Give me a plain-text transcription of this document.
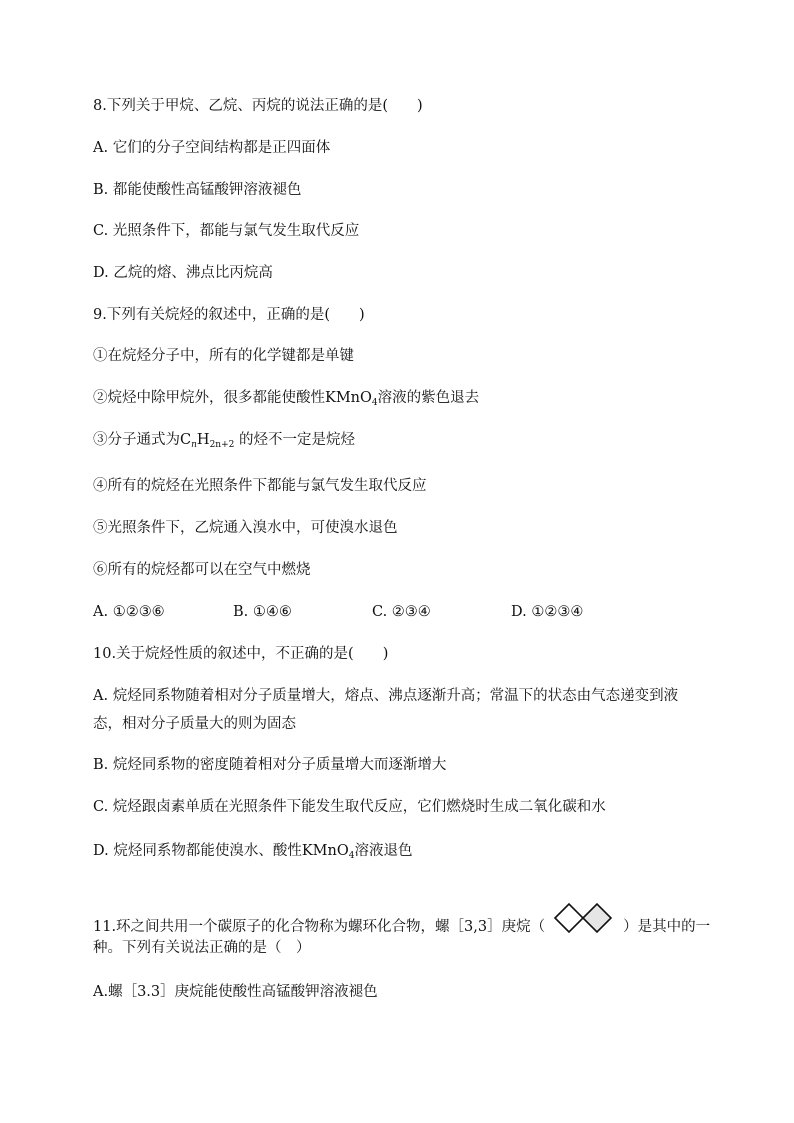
8.下列关于甲烷、乙烷、丙烷的说法正确的是(　　)
A. 它们的分子空间结构都是正四面体
B. 都能使酸性高锰酸钾溶液褪色
C. 光照条件下，都能与氯气发生取代反应
D. 乙烷的熔、沸点比丙烷高
9.下列有关烷烃的叙述中，正确的是(　　)
①在烷烃分子中，所有的化学键都是单键
②烷烃中除甲烷外，很多都能使酸性KMnO$_4$溶液的紫色退去
③分子通式为$C_nH_{2n+2}$ 的烃不一定是烷烃
④所有的烷烃在光照条件下都能与氯气发生取代反应
⑤光照条件下，乙烷通入溴水中，可使溴水退色
⑥所有的烷烃都可以在空气中燃烧
A. ①②③⑥	B. ①④⑥	C. ②③④	D. ①②③④
10.关于烷烃性质的叙述中，不正确的是(　　)
A. 烷烃同系物随着相对分子质量增大，熔点、沸点逐渐升高；常温下的状态由气态递变到液
态，相对分子质量大的则为固态
B. 烷烃同系物的密度随着相对分子质量增大而逐渐增大
C. 烷烃跟卤素单质在光照条件下能发生取代反应，它们燃烧时生成二氧化碳和水
D. 烷烃同系物都能使溴水、酸性KMnO$_4$溶液退色
11.环之间共用一个碳原子的化合物称为螺环化合物，螺［3,3］庚烷（	）是其中的一
种。下列有关说法正确的是（　）
A.螺［3.3］庚烷能使酸性高锰酸钾溶液褪色
